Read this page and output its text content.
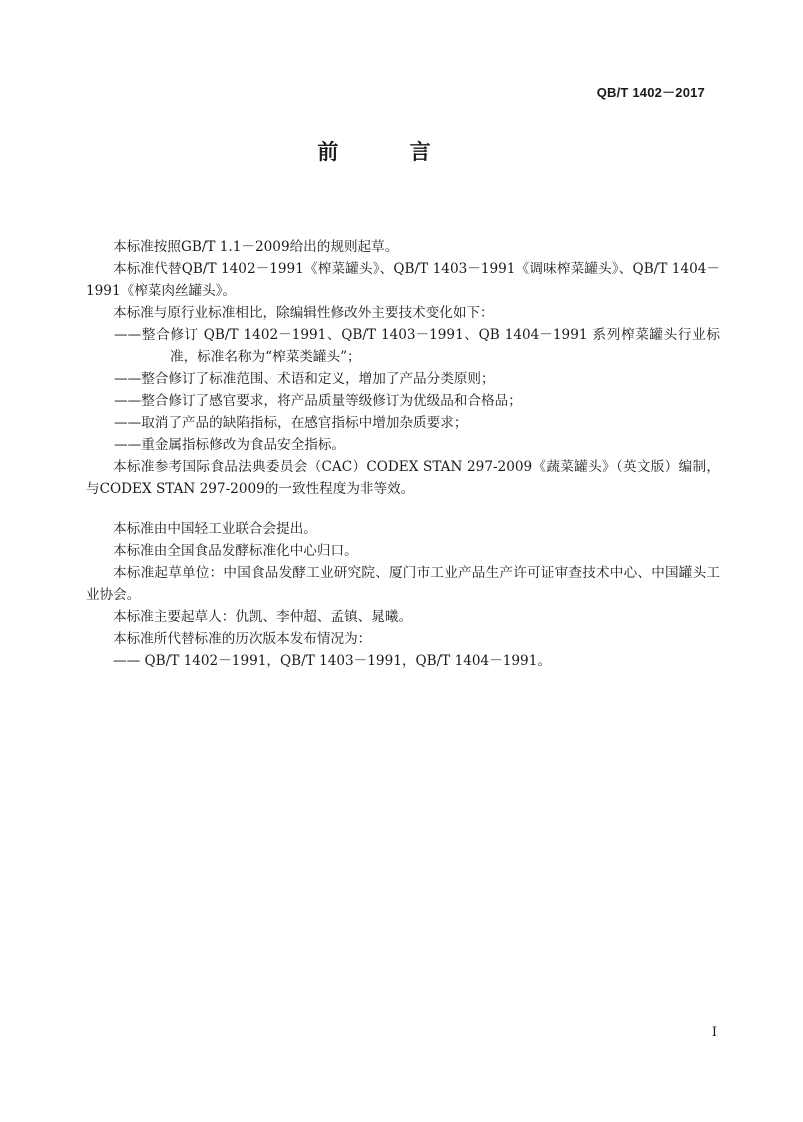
QB/T 1402－2017
前 言

本标准按照GB/T 1.1－2009给出的规则起草。

本标准代替QB/T 1402－1991《榨菜罐头》、QB/T 1403－1991《调味榨菜罐头》、QB/T 1404－1991《榨菜肉丝罐头》。

本标准与原行业标准相比，除编辑性修改外主要技术变化如下：

——整合修订 QB/T 1402－1991、QB/T 1403－1991、QB 1404－1991 系列榨菜罐头行业标准，标准名称为“榨菜类罐头”；

——整合修订了标准范围、术语和定义，增加了产品分类原则；

——整合修订了感官要求，将产品质量等级修订为优级品和合格品；

——取消了产品的缺陷指标，在感官指标中增加杂质要求；

——重金属指标修改为食品安全指标。

本标准参考国际食品法典委员会（CAC）CODEX STAN 297-2009《蔬菜罐头》（英文版）编制，与CODEX STAN 297-2009的一致性程度为非等效。

本标准由中国轻工业联合会提出。

本标准由全国食品发酵标准化中心归口。

本标准起草单位：中国食品发酵工业研究院、厦门市工业产品生产许可证审查技术中心、中国罐头工业协会。

本标准主要起草人：仇凯、李仲超、孟镇、晁曦。

本标准所代替标准的历次版本发布情况为：

—— QB/T 1402－1991，QB/T 1403－1991，QB/T 1404－1991。

I
